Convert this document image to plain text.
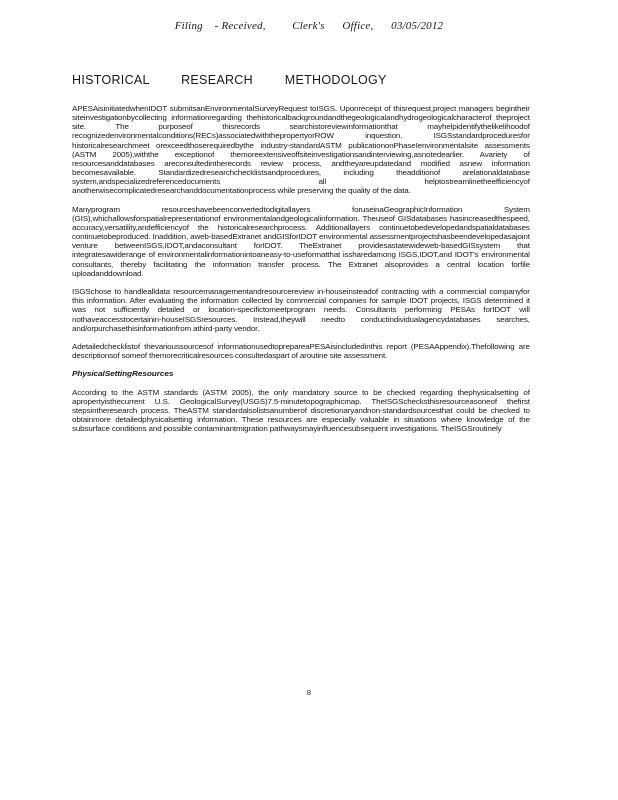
Filing    - Received,         Clerk's      Office,      03/05/2012
HISTORICAL RESEARCH METHODOLOGY

APESAisinitiatedwhenIDOT submitsanEnvironmentalSurveyRequest toISGS. Uponreceipt of thisrequest,project managers begintheir siteinvestigationbycollecting informationregarding thehistoricalbackgroundandthegeologicalandhydrogeologicalcharacterof theproject site. The purposeof thisrecords searchistoreviewinformationthat mayhelpidentifythelikelihoodof recognizedenvironmentalconditions(RECs)associatedwiththepropertyorROW inquestion. ISGSstandardproceduresfor historicalresearchmeet orexceedthoserequiredbythe industry-standardASTM publicationonPhaseIenvironmentalsite assessments (ASTM 2005),withthe exceptionof themoreextensiveoffsiteinvestigationsandinterviewing,asnotedearlier. Avariety of resourcesanddatabases areconsultedintherecords review process, andtheyareupdatedand modified asnew information becomesavailable. Standardizedresearchchecklistsandprocedures, including theadditionof arelationaldatabase system,andspecializedreferencedocuments all helptostreamlinetheefficiencyof anotherwisecomplicatedresearchanddocumentationprocess while preserving the quality of the data.

Manyprogram resourceshavebeenconvertedtodigitallayers foruseinaGeographicInformation System (GIS),whichallowsforspatialrepresentationof environmentalandgeologicalinformation. Theuseof GISdatabases hasincreasedthespeed, accuracy,versatility,andefficiencyof the historicalresearchprocess. Additionallayers continuetobedevelopedandspatialdatabases continuetobeproduced. Inaddition, aweb-basedExtranet andGISforIDOT environmental assessmentprojectshasbeendevelopedasajoint venture betweenISGS,IDOT,andaconsultant forIDOT. TheExtranet providesastatewideweb-basedGISsystem that integratesawiderange of environmentalinformationintoaneasy-to-useformatthat issharedamong ISGS,IDOT,and IDOT's environmental consultants, thereby facilitating the information transfer process. The Extranet alsoprovides a central location forfile uploadanddownload.

ISGSchose to handlealldata resourcemanagementandresourcereview in-houseinsteadof contracting with a commercial companyfor this information. After evaluating the information collected by commercial companies for sample IDOT projects, ISGS determined it was not sufficiently detailed or location-specifictomeetprogram needs. Consultants performing PESAs forIDOT will nothaveaccesstocertainin-houseISGSresources. Instead,theywill needto conductindividualagencydatabases searches, and/orpurchasethisinformationfrom athird-party vendor.

Adetailedchecklistof thevarioussourcesof informationusedtoprepareaPESAisincludedinthis report (PESAAppendix).Thefollowing are descriptionsof someof themorecriticalresources consultedaspart of aroutine site assessment.

PhysicalSettingResources

According to the ASTM standards (ASTM 2005), the only mandatory source to be checked regarding thephysicalsetting of apropertyisthecurrent U.S. GeologicalSurvey(USGS)7.5-minutetopographicmap. TheISGSchecksthisresourceasoneof thefirst stepsintheresearch process. TheASTM standardalsolistsanumberof discretionaryandnon-standardsourcesthat could be checked to obtainmore detailedphysicalsetting information. These resources are especially valuable in situations where knowledge of the subsurface conditions and possible contaminantmigration pathwaysmayinfluencesubsequent investigations. TheISGSroutinely

8
